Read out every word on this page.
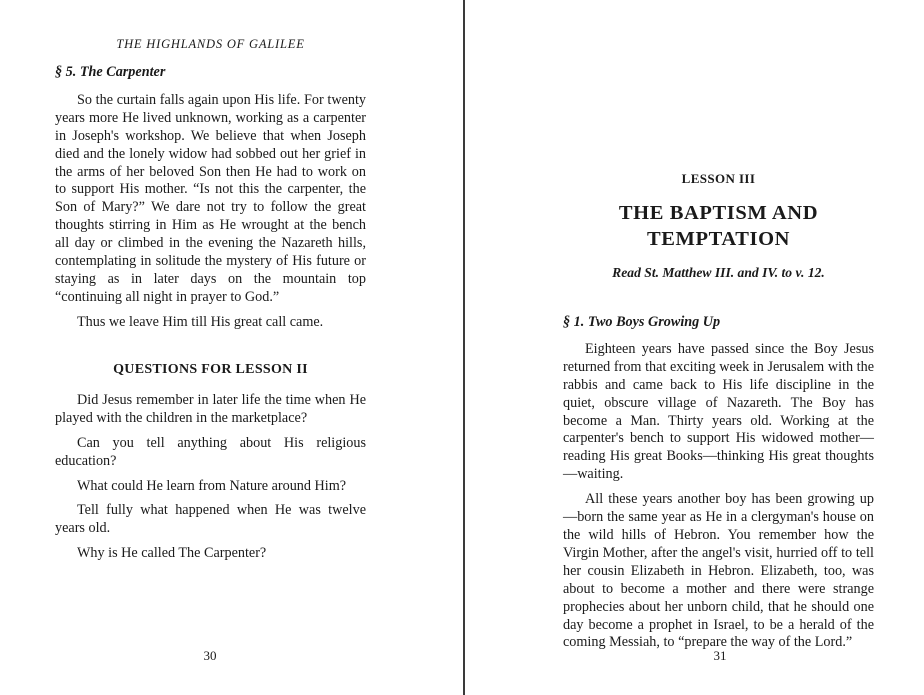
THE HIGHLANDS OF GALILEE
§ 5. The Carpenter

So the curtain falls again upon His life. For twenty years more He lived unknown, working as a carpenter in Joseph's workshop. We believe that when Joseph died and the lonely widow had sobbed out her grief in the arms of her beloved Son then He had to work on to support His mother. “Is not this the carpenter, the Son of Mary?” We dare not try to follow the great thoughts stirring in Him as He wrought at the bench all day or climbed in the evening the Nazareth hills, contemplating in solitude the mystery of His future or staying as in later days on the mountain top “continuing all night in prayer to God.”

Thus we leave Him till His great call came.

QUESTIONS FOR LESSON II

Did Jesus remember in later life the time when He played with the children in the marketplace?

Can you tell anything about His religious education?

What could He learn from Nature around Him?

Tell fully what happened when He was twelve years old.

Why is He called The Carpenter?

30
LESSON III
THE BAPTISM AND
TEMPTATION
Read St. Matthew III. and IV. to v. 12.
§ 1. Two Boys Growing Up

Eighteen years have passed since the Boy Jesus returned from that exciting week in Jerusalem with the rabbis and came back to His life discipline in the quiet, obscure village of Nazareth. The Boy has become a Man. Thirty years old. Working at the carpenter's bench to support His widowed mother—reading His great Books—thinking His great thoughts—waiting.

All these years another boy has been growing up—born the same year as He in a clergyman's house on the wild hills of Hebron. You remember how the Virgin Mother, after the angel's visit, hurried off to tell her cousin Elizabeth in Hebron. Elizabeth, too, was about to become a mother and there were strange prophecies about her unborn child, that he should one day become a prophet in Israel, to be a herald of the coming Messiah, to “prepare the way of the Lord.”

31
